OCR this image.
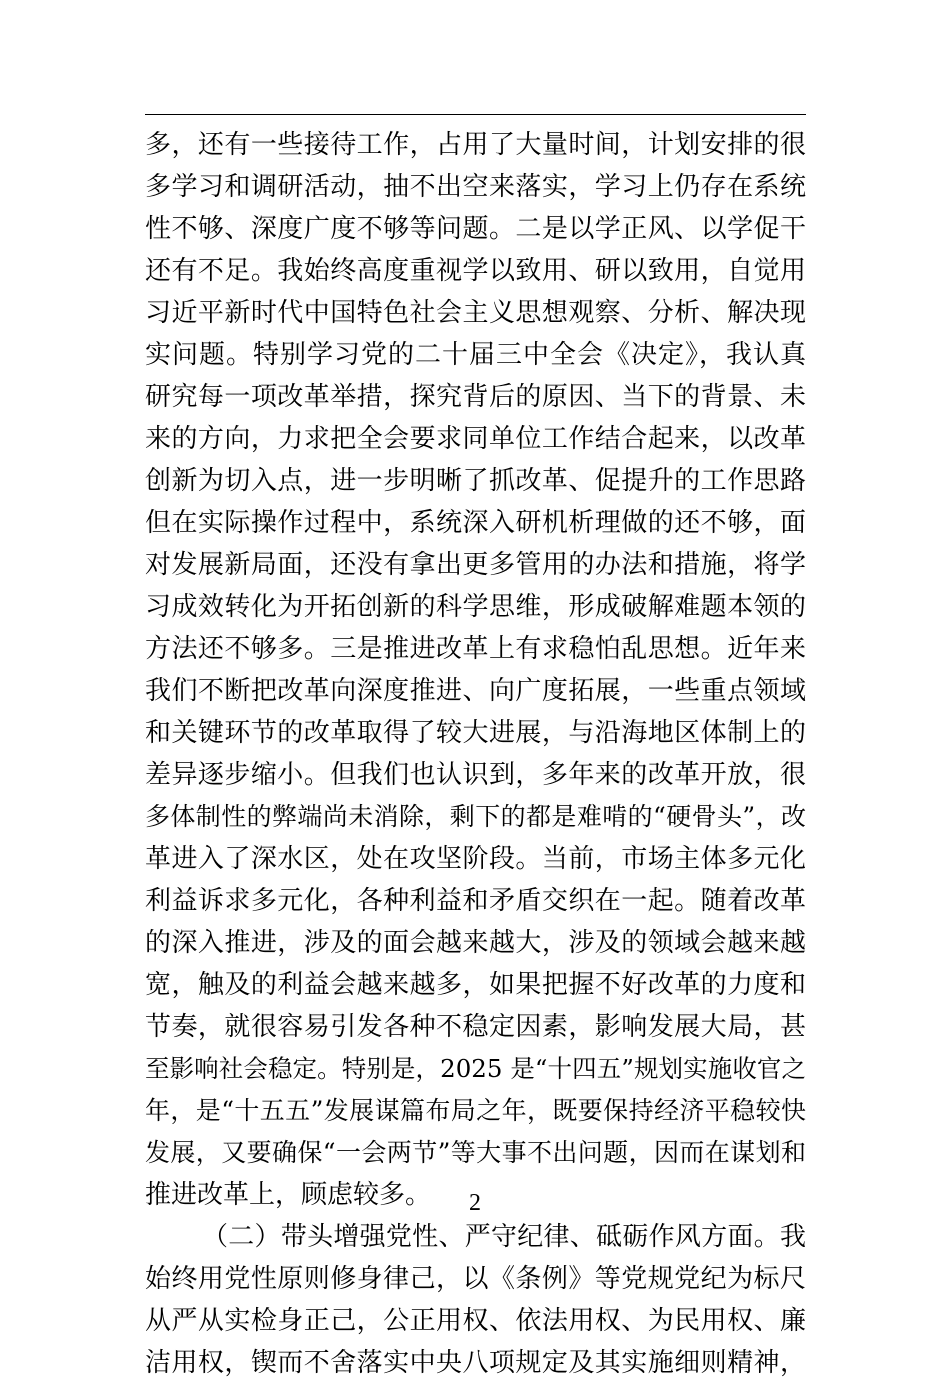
多，还有一些接待工作，占用了大量时间，计划安排的很
多学习和调研活动，抽不出空来落实，学习上仍存在系统
性不够、深度广度不够等问题。二是以学正风、以学促干
还有不足。我始终高度重视学以致用、研以致用，自觉用
习近平新时代中国特色社会主义思想观察、分析、解决现
实问题。特别学习党的二十届三中全会《决定》，我认真
研究每一项改革举措，探究背后的原因、当下的背景、未
来的方向，力求把全会要求同单位工作结合起来，以改革
创新为切入点，进一步明晰了抓改革、促提升的工作思路
但在实际操作过程中，系统深入研机析理做的还不够，面
对发展新局面，还没有拿出更多管用的办法和措施，将学
习成效转化为开拓创新的科学思维，形成破解难题本领的
方法还不够多。三是推进改革上有求稳怕乱思想。近年来
我们不断把改革向深度推进、向广度拓展，一些重点领域
和关键环节的改革取得了较大进展，与沿海地区体制上的
差异逐步缩小。但我们也认识到，多年来的改革开放，很
多体制性的弊端尚未消除，剩下的都是难啃的“硬骨头”，改
革进入了深水区，处在攻坚阶段。当前，市场主体多元化
利益诉求多元化，各种利益和矛盾交织在一起。随着改革
的深入推进，涉及的面会越来越大，涉及的领域会越来越
宽，触及的利益会越来越多，如果把握不好改革的力度和
节奏，就很容易引发各种不稳定因素，影响发展大局，甚
至影响社会稳定。特别是，2025 是“十四五”规划实施收官之
年，是“十五五”发展谋篇布局之年，既要保持经济平稳较快
发展，又要确保“一会两节”等大事不出问题，因而在谋划和
推进改革上，顾虑较多。
（二）带头增强党性、严守纪律、砥砺作风方面。我
始终用党性原则修身律己，以《条例》等党规党纪为标尺
从严从实检身正己，公正用权、依法用权、为民用权、廉
洁用权，锲而不舍落实中央八项规定及其实施细则精神，
2
